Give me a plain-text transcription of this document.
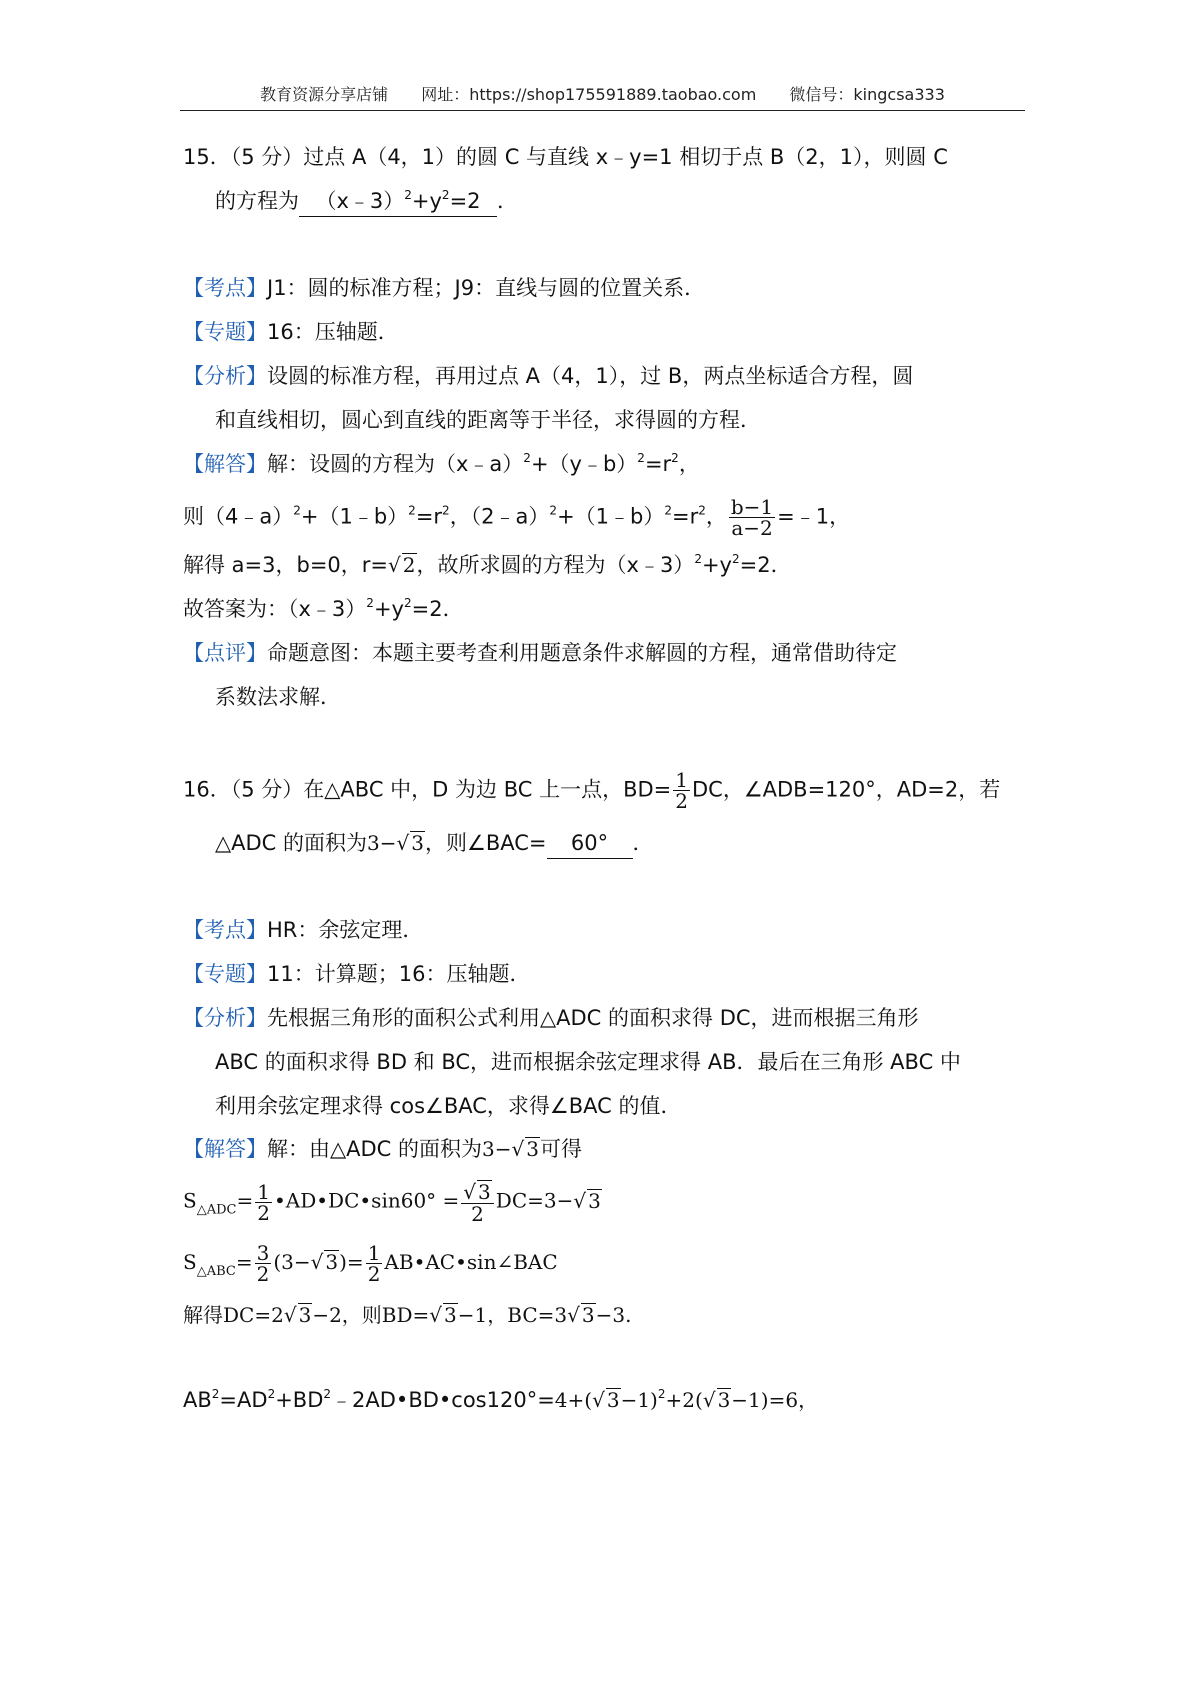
教育资源分享店铺 网址：https://shop175591889.taobao.com 微信号：kingcsa333
15．（5 分）过点 A（4，1）的圆 C 与直线 x﹣y=1 相切于点 B（2，1），则圆 C
的方程为 $(x﹣3)^2+y^2=2$ ．
【考点】J1：圆的标准方程；J9：直线与圆的位置关系．
【专题】16：压轴题．
【分析】设圆的标准方程，再用过点 A（4，1），过 B，两点坐标适合方程，圆
和直线相切，圆心到直线的距离等于半径，求得圆的方程．
【解答】解：设圆的方程为$(x﹣a)^2+(y﹣b)^2=r^2$，
则$(4﹣a)^2+(1﹣b)^2=r^2$，$(2﹣a)^2+(1﹣b)^2=r^2$， $\frac{b-1}{a-2}$ =﹣1，
解得 a=3，b=0，r=√ 2，故所求圆的方程为$(x﹣3)^2+y^2=2$．
故答案为：$(x﹣3)^2+y^2=2$．
【点评】命题意图：本题主要考查利用题意条件求解圆的方程，通常借助待定
系数法求解．
16．（5 分）在△ABC 中，D 为边 BC 上一点，$BD= \frac{1}{2}$ DC，∠ADB=120°，AD=2，若
△ADC 的面积为3−√ 3，则∠BAC= 60° ．
【考点】HR：余弦定理．
【专题】11：计算题；16：压轴题．
【分析】先根据三角形的面积公式利用△ADC 的面积求得 DC，进而根据三角形
ABC 的面积求得 BD 和 BC，进而根据余弦定理求得 AB．最后在三角形 ABC 中
利用余弦定理求得 cos∠BAC，求得∠BAC 的值．
【解答】解：由△ADC 的面积为3−√ 3可得
$S_{\triangle ADC}= \frac{1}{2}$ •AD•DC•sin60° =
√ $\frac{3}{2} DC=3-√$ 3
$S_{\triangle ABC}= \frac{3}{2} (3-√$ $3)= \frac{1}{2}$ AB•AC•sin∠BAC
解得DC=2√ 3−2，则BD=√ 3−1，BC=3√ 3−3.
$AB^2=AD^2+BD^2﹣2AD•BD•\cos 120^\circ=4+(√$ 3−1)$^2$+2(√ 3−1)=6，
